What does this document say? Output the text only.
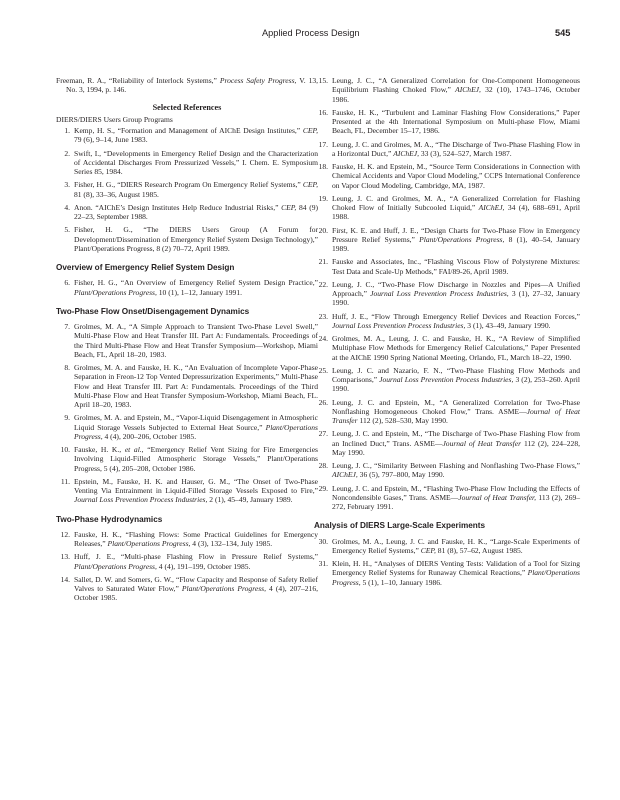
Applied Process Design	545
Freeman, R. A., “Reliability of Interlock Systems,” Process Safety Progress, V. 13, No. 3, 1994, p. 146.
Selected References
DIERS/DIERS Users Group Programs
1. Kemp, H. S., “Formation and Management of AIChE Design Institutes,” CEP, 79 (6), 9–14, June 1983.
2. Swift, I., “Developments in Emergency Relief Design and the Characterization of Accidental Discharges From Pressurized Vessels,” I. Chem. E. Symposium Series 85, 1984.
3. Fisher, H. G., “DIERS Research Program On Emergency Relief Systems,” CEP, 81 (8), 33–36, August 1985.
4. Anon. “AIChE’s Design Institutes Help Reduce Industrial Risks,” CEP, 84 (9) 22–23, September 1988.
5. Fisher, H. G., “The DIERS Users Group (A Forum for Development/Dissemination of Emergency Relief System Design Technology),” Plant/Operations Progress, 8 (2) 70–72, April 1989.
Overview of Emergency Relief System Design
6. Fisher, H. G., “An Overview of Emergency Relief System Design Practice,” Plant/Operations Progress, 10 (1), 1–12, January 1991.
Two-Phase Flow Onset/Disengagement Dynamics
7. Grolmes, M. A., “A Simple Approach to Transient Two-Phase Level Swell,” Multi-Phase Flow and Heat Transfer III. Part A: Fundamentals. Proceedings of the Third Multi-Phase Flow and Heat Transfer Symposium—Workshop, Miami Beach, FL, April 18–20, 1983.
8. Grolmes, M. A. and Fauske, H. K., “An Evaluation of Incomplete Vapor-Phase Separation in Freon-12 Top Vented Depressurization Experiments,” Multi-Phase Flow and Heat Transfer III. Part A: Fundamentals. Proceedings of the Third Multi-Phase Flow and Heat Transfer Symposium-Workshop, Miami Beach, FL. April 18–20, 1983.
9. Grolmes, M. A. and Epstein, M., “Vapor-Liquid Disengagement in Atmospheric Liquid Storage Vessels Subjected to External Heat Source,” Plant/Operations Progress, 4 (4), 200–206, October 1985.
10. Fauske, H. K., et al., “Emergency Relief Vent Sizing for Fire Emergencies Involving Liquid-Filled Atmospheric Storage Vessels,” Plant/Operations Progress, 5 (4), 205–208, October 1986.
11. Epstein, M., Fauske, H. K. and Hauser, G. M., “The Onset of Two-Phase Venting Via Entrainment in Liquid-Filled Storage Vessels Exposed to Fire,” Journal Loss Prevention Process Industries, 2 (1), 45–49, January 1989.
Two-Phase Hydrodynamics
12. Fauske, H. K., “Flashing Flows: Some Practical Guidelines for Emergency Releases,” Plant/Operations Progress, 4 (3), 132–134, July 1985.
13. Huff, J. E., “Multi-phase Flashing Flow in Pressure Relief Systems,” Plant/Operations Progress, 4 (4), 191–199, October 1985.
14. Sallet, D. W. and Somers, G. W., “Flow Capacity and Response of Safety Relief Valves to Saturated Water Flow,” Plant/Operations Progress, 4 (4), 207–216, October 1985.
15. Leung, J. C., “A Generalized Correlation for One-Component Homogeneous Equilibrium Flashing Choked Flow,” AIChEJ, 32 (10), 1743–1746, October 1986.
16. Fauske, H. K., “Turbulent and Laminar Flashing Flow Considerations,” Paper Presented at the 4th International Symposium on Multi-phase Flow, Miami Beach, FL, December 15–17, 1986.
17. Leung, J. C. and Grolmes, M. A., “The Discharge of Two-Phase Flashing Flow in a Horizontal Duct,” AIChEJ, 33 (3), 524–527, March 1987.
18. Fauske, H. K. and Epstein, M., “Source Term Considerations in Connection with Chemical Accidents and Vapor Cloud Modeling,” CCPS International Conference on Vapor Cloud Modeling, Cambridge, MA, 1987.
19. Leung, J. C. and Grolmes, M. A., “A Generalized Correlation for Flashing Choked Flow of Initially Subcooled Liquid,” AIChEJ, 34 (4), 688–691, April 1988.
20. First, K. E. and Huff, J. E., “Design Charts for Two-Phase Flow in Emergency Pressure Relief Systems,” Plant/Operations Progress, 8 (1), 40–54, January 1989.
21. Fauske and Associates, Inc., “Flashing Viscous Flow of Polystyrene Mixtures: Test Data and Scale-Up Methods,” FAI/89-26, April 1989.
22. Leung, J. C., “Two-Phase Flow Discharge in Nozzles and Pipes—A Unified Approach,” Journal Loss Prevention Process Industries, 3 (1), 27–32, January 1990.
23. Huff, J. E., “Flow Through Emergency Relief Devices and Reaction Forces,” Journal Loss Prevention Process Industries, 3 (1), 43–49, January 1990.
24. Grolmes, M. A., Leung, J. C. and Fauske, H. K., “A Review of Simplified Multiphase Flow Methods for Emergency Relief Calculations,” Paper Presented at the AIChE 1990 Spring National Meeting, Orlando, FL, March 18–22, 1990.
25. Leung, J. C. and Nazario, F. N., “Two-Phase Flashing Flow Methods and Comparisons,” Journal Loss Prevention Process Industries, 3 (2), 253–260. April 1990.
26. Leung, J. C. and Epstein, M., “A Generalized Correlation for Two-Phase Nonflashing Homogeneous Choked Flow,” Trans. ASME—Journal of Heat Transfer 112 (2), 528–530, May 1990.
27. Leung, J. C. and Epstein, M., “The Discharge of Two-Phase Flashing Flow from an Inclined Duct,” Trans. ASME—Journal of Heat Transfer 112 (2), 224–228, May 1990.
28. Leung, J. C., “Similarity Between Flashing and Nonflashing Two-Phase Flows,” AIChEJ, 36 (5), 797–800, May 1990.
29. Leung, J. C. and Epstein, M., “Flashing Two-Phase Flow Including the Effects of Noncondensible Gases,” Trans. ASME—Journal of Heat Transfer, 113 (2), 269–272, February 1991.
Analysis of DIERS Large-Scale Experiments
30. Grolmes, M. A., Leung, J. C. and Fauske, H. K., “Large-Scale Experiments of Emergency Relief Systems,” CEP, 81 (8), 57–62, August 1985.
31. Klein, H. H., “Analyses of DIERS Venting Tests: Validation of a Tool for Sizing Emergency Relief Systems for Runaway Chemical Reactions,” Plant/Operations Progress, 5 (1), 1–10, January 1986.
